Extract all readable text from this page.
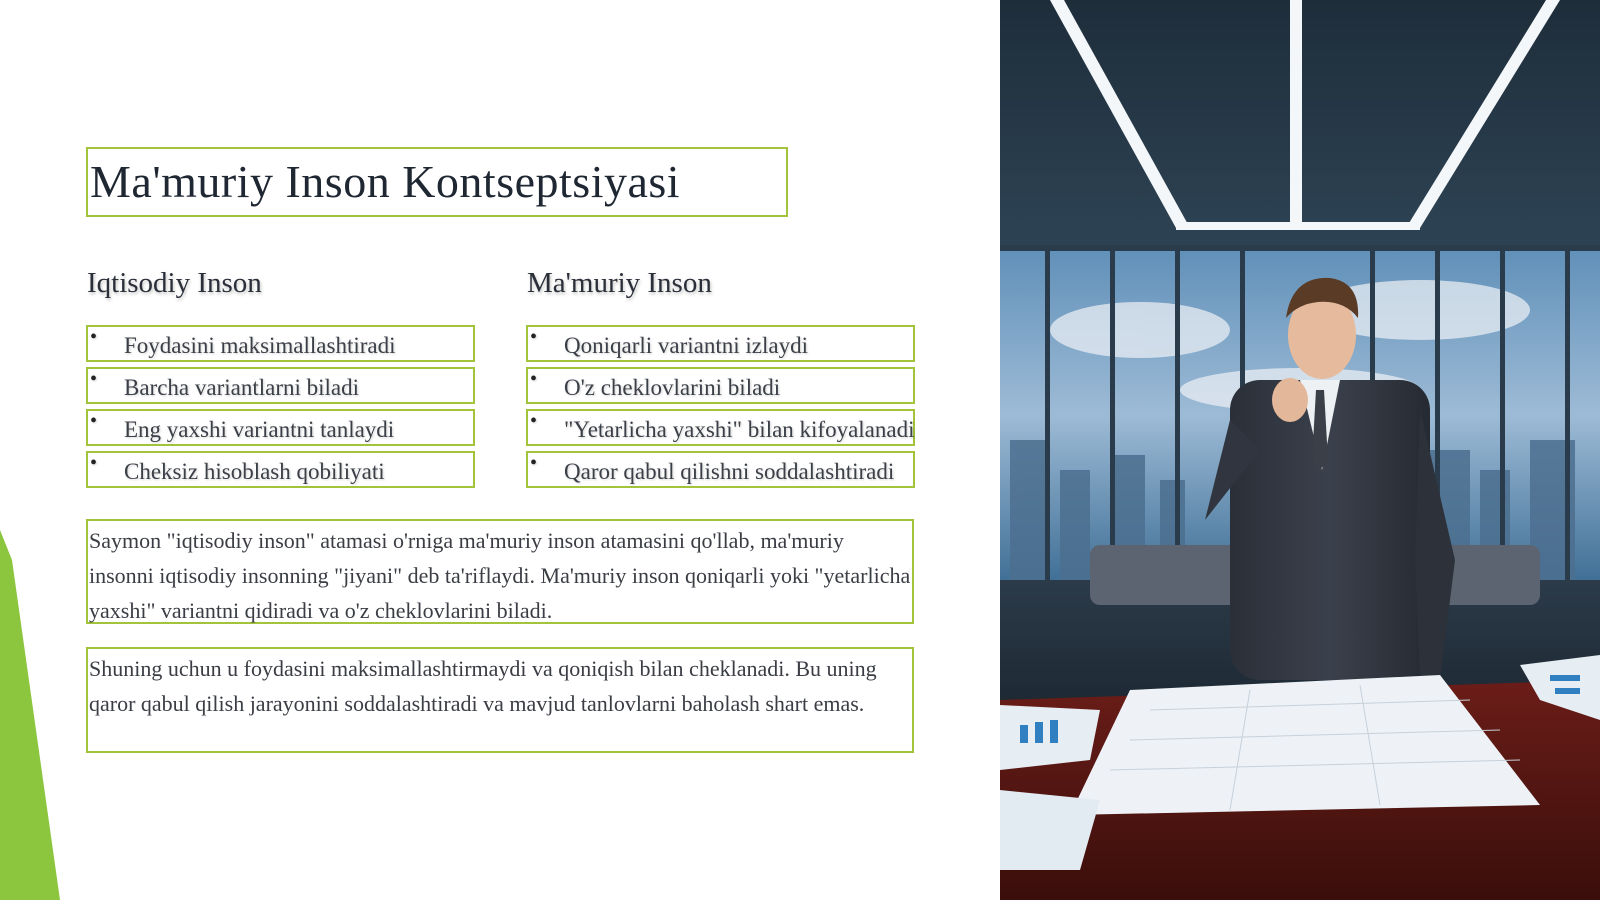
Ma'muriy Inson Kontseptsiyasi
Iqtisodiy Inson	Ma'muriy Inson
• Foydasini maksimallashtiradi
• Barcha variantlarni biladi
• Eng yaxshi variantni tanlaydi
• Cheksiz hisoblash qobiliyati
• Qoniqarli variantni izlaydi
• O'z cheklovlarini biladi
• "Yetarlicha yaxshi" bilan kifoyalanadi
• Qaror qabul qilishni soddalashtiradi
Saymon "iqtisodiy inson" atamasi o'rniga ma'muriy inson atamasini qo'llab, ma'muriy insonni iqtisodiy insonning "jiyani" deb ta'riflaydi. Ma'muriy inson qoniqarli yoki "yetarlicha yaxshi" variantni qidiradi va o'z cheklovlarini biladi.
Shuning uchun u foydasini maksimallashtirmaydi va qoniqish bilan cheklanadi. Bu uning qaror qabul qilish jarayonini soddalashtiradi va mavjud tanlovlarni baholash shart emas.
